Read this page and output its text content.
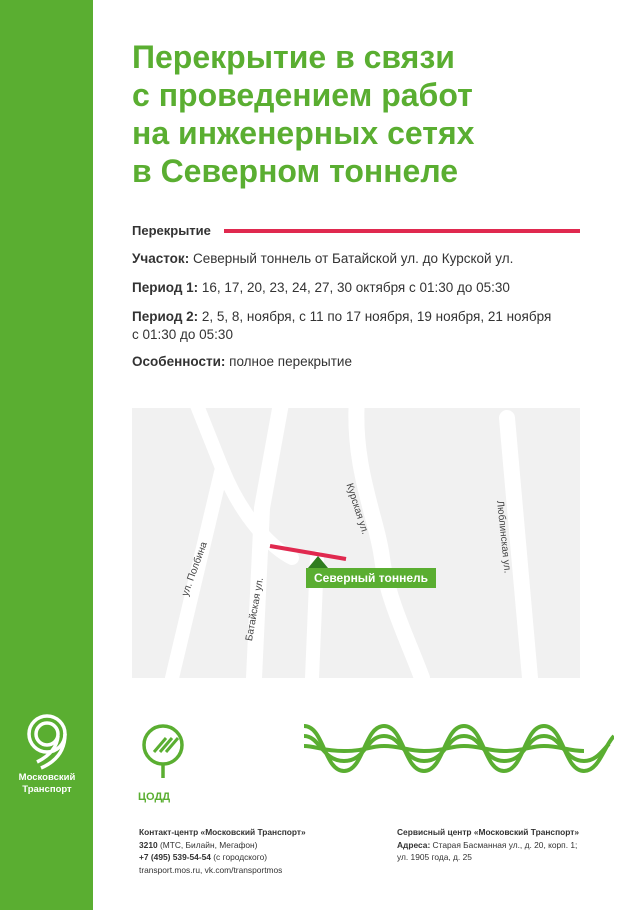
Московский
Транспорт
Перекрытие в связи
с проведением работ
на инженерных сетях
в Северном тоннеле
Перекрытие

Участок: Северный тоннель от Батайской ул. до Курской ул.

Период 1: 16, 17, 20, 23, 24, 27, 30 октября с 01:30 до 05:30

Период 2: 2, 5, 8, ноября, с 11 по 17 ноября, 19 ноября, 21 ноября
с 01:30 до 05:30

Особенности: полное перекрытие

ул. Полбина
Батайская ул.
Курская ул.	Люблинская ул.
Северный тоннель
ЦОДД
Контакт-центр «Московский Транспорт»
3210 (МТС, Билайн, Мегафон)
+7 (495) 539-54-54 (с городского)
transport.mos.ru, vk.com/transportmos
Сервисный центр «Московский Транспорт»
Адреса: Старая Басманная ул., д. 20, корп. 1;
ул. 1905 года, д. 25
